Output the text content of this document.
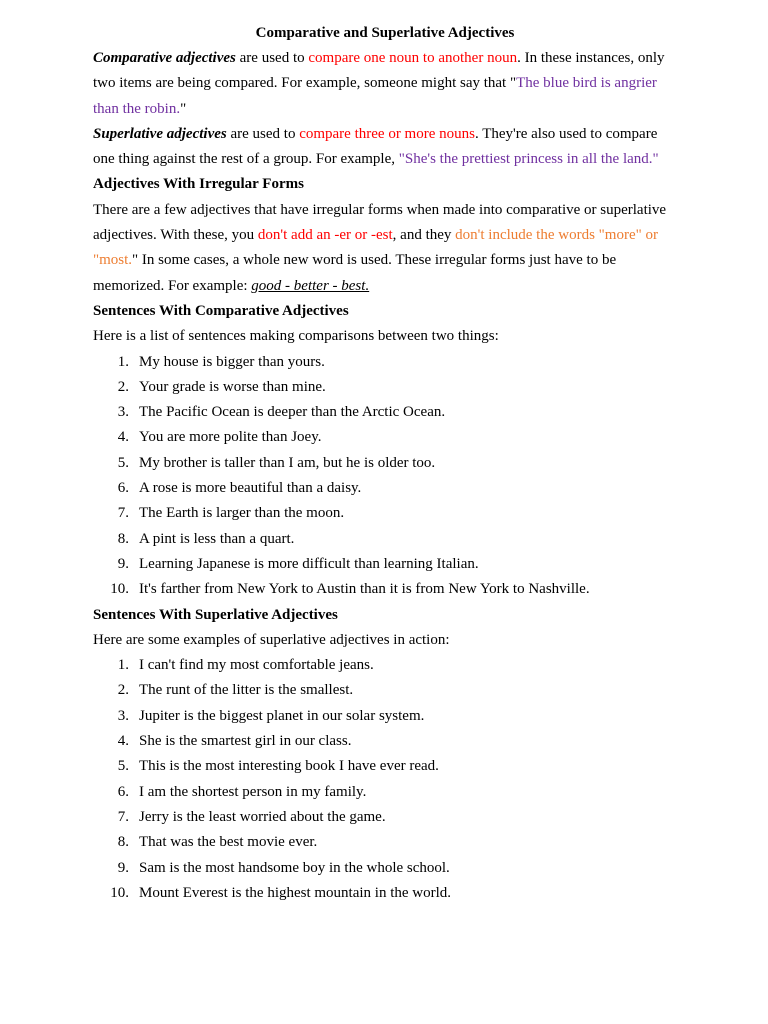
Comparative and Superlative Adjectives

Comparative adjectives are used to compare one noun to another noun. In these instances, only two items are being compared. For example, someone might say that "The blue bird is angrier than the robin."

Superlative adjectives are used to compare three or more nouns. They're also used to compare one thing against the rest of a group. For example, "She's the prettiest princess in all the land."

Adjectives With Irregular Forms

There are a few adjectives that have irregular forms when made into comparative or superlative adjectives. With these, you don't add an -er or -est, and they don't include the words "more" or "most." In some cases, a whole new word is used. These irregular forms just have to be memorized. For example: good - better - best.

Sentences With Comparative Adjectives

Here is a list of sentences making comparisons between two things:

1. My house is bigger than yours.
2. Your grade is worse than mine.
3. The Pacific Ocean is deeper than the Arctic Ocean.
4. You are more polite than Joey.
5. My brother is taller than I am, but he is older too.
6. A rose is more beautiful than a daisy.
7. The Earth is larger than the moon.
8. A pint is less than a quart.
9. Learning Japanese is more difficult than learning Italian.
10. It's farther from New York to Austin than it is from New York to Nashville.
Sentences With Superlative Adjectives

Here are some examples of superlative adjectives in action:

1. I can't find my most comfortable jeans.
2. The runt of the litter is the smallest.
3. Jupiter is the biggest planet in our solar system.
4. She is the smartest girl in our class.
5. This is the most interesting book I have ever read.
6. I am the shortest person in my family.
7. Jerry is the least worried about the game.
8. That was the best movie ever.
9. Sam is the most handsome boy in the whole school.
10. Mount Everest is the highest mountain in the world.
